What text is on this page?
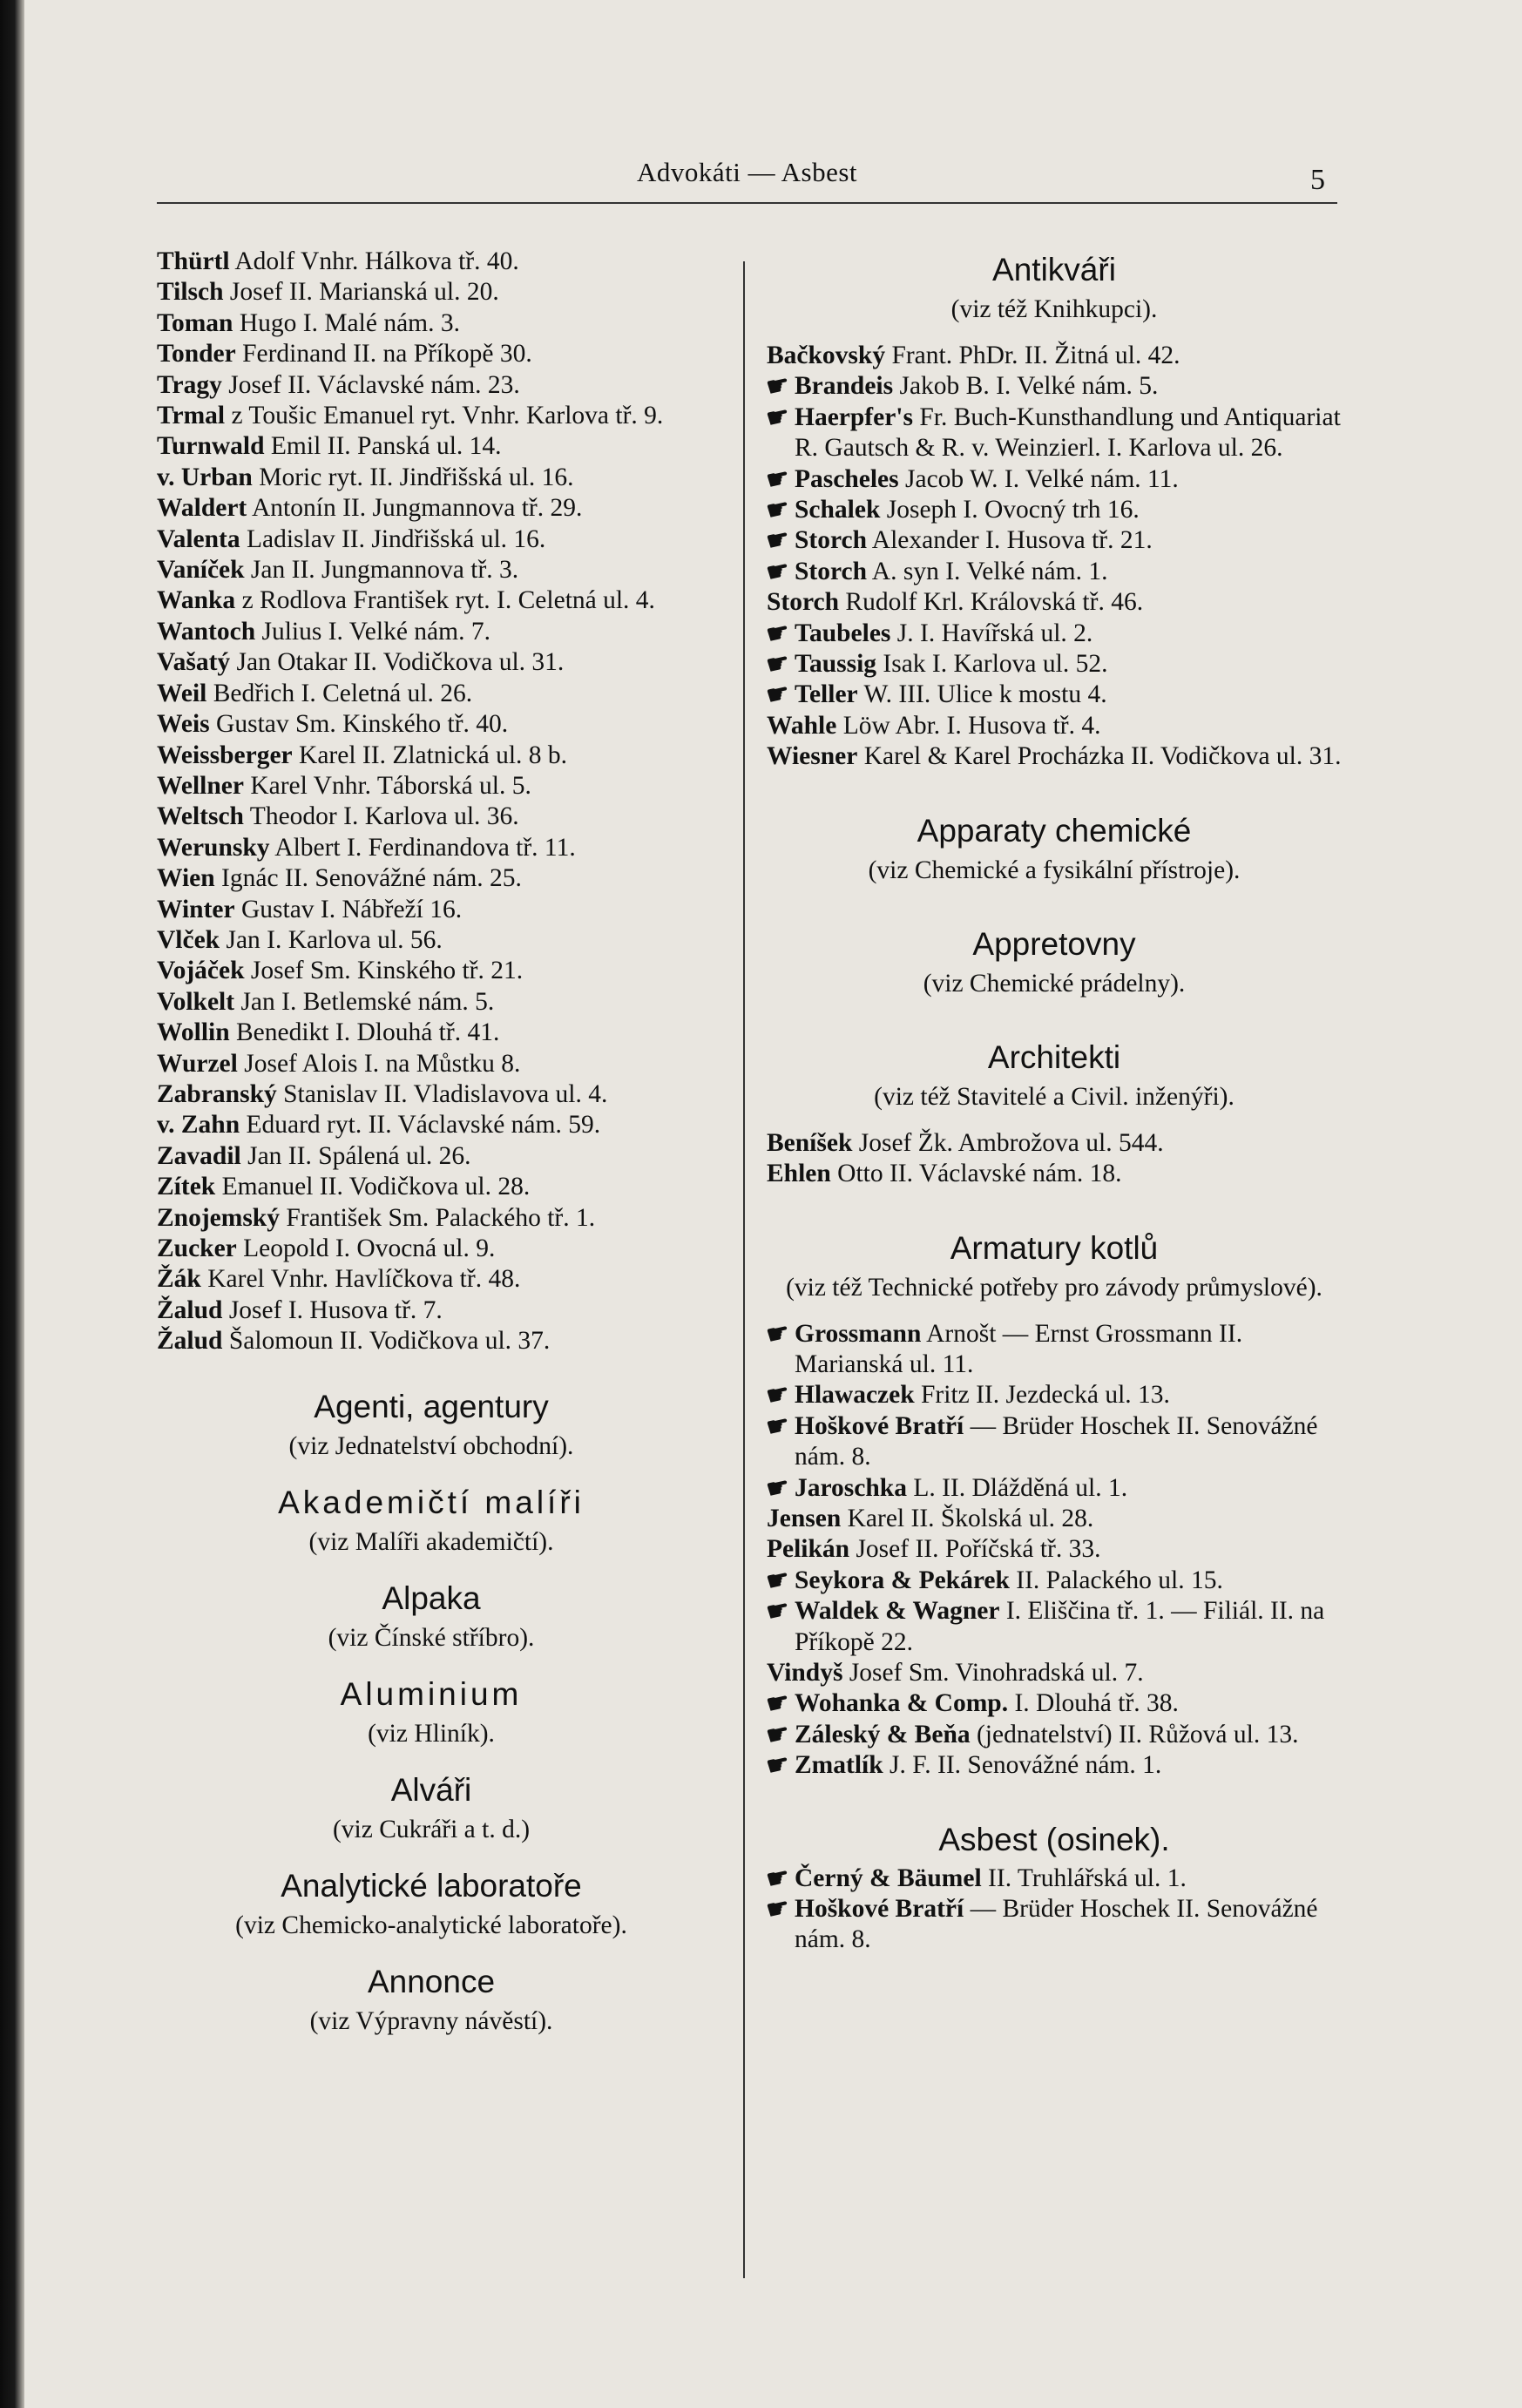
Advokáti — Asbest	5
Thürtl Adolf Vnhr. Hálkova tř. 40.
Tilsch Josef II. Marianská ul. 20.
Toman Hugo I. Malé nám. 3.
Tonder Ferdinand II. na Příkopě 30.
Tragy Josef II. Václavské nám. 23.
Trmal z Toušic Emanuel ryt. Vnhr. Karlova tř. 9.
Turnwald Emil II. Panská ul. 14.
v. Urban Moric ryt. II. Jindřišská ul. 16.
Waldert Antonín II. Jungmannova tř. 29.
Valenta Ladislav II. Jindřišská ul. 16.
Vaníček Jan II. Jungmannova tř. 3.
Wanka z Rodlova František ryt. I. Celetná ul. 4.
Wantoch Julius I. Velké nám. 7.
Vašatý Jan Otakar II. Vodičkova ul. 31.
Weil Bedřich I. Celetná ul. 26.
Weis Gustav Sm. Kinského tř. 40.
Weissberger Karel II. Zlatnická ul. 8 b.
Wellner Karel Vnhr. Táborská ul. 5.
Weltsch Theodor I. Karlova ul. 36.
Werunsky Albert I. Ferdinandova tř. 11.
Wien Ignác II. Senovážné nám. 25.
Winter Gustav I. Nábřeží 16.
Vlček Jan I. Karlova ul. 56.
Vojáček Josef Sm. Kinského tř. 21.
Volkelt Jan I. Betlemské nám. 5.
Wollin Benedikt I. Dlouhá tř. 41.
Wurzel Josef Alois I. na Můstku 8.
Zabranský Stanislav II. Vladislavova ul. 4.
v. Zahn Eduard ryt. II. Václavské nám. 59.
Zavadil Jan II. Spálená ul. 26.
Zítek Emanuel II. Vodičkova ul. 28.
Znojemský František Sm. Palackého tř. 1.
Zucker Leopold I. Ovocná ul. 9.
Žák Karel Vnhr. Havlíčkova tř. 48.
Žalud Josef I. Husova tř. 7.
Žalud Šalomoun II. Vodičkova ul. 37.
Agenti, agentury
(viz Jednatelství obchodní).
Akademičtí malíři
(viz Malíři akademičtí).
Alpaka
(viz Čínské stříbro).
Aluminium
(viz Hliník).
Alváři
(viz Cukráři a t. d.)
Analytické laboratoře
(viz Chemicko-analytické laboratoře).
Annonce
(viz Výpravny návěstí).
Antikváři
(viz též Knihkupci).
Bačkovský Frant. PhDr. II. Žitná ul. 42.
☛Brandeis Jakob B. I. Velké nám. 5.
☛Haerpfer's Fr. Buch-Kunsthandlung und Antiquariat R. Gautsch & R. v. Weinzierl. I. Karlova ul. 26.
☛Pascheles Jacob W. I. Velké nám. 11.
☛Schalek Joseph I. Ovocný trh 16.
☛Storch Alexander I. Husova tř. 21.
☛Storch A. syn I. Velké nám. 1.
Storch Rudolf Krl. Královská tř. 46.
☛Taubeles J. I. Havířská ul. 2.
☛Taussig Isak I. Karlova ul. 52.
☛Teller W. III. Ulice k mostu 4.
Wahle Löw Abr. I. Husova tř. 4.
Wiesner Karel & Karel Procházka II. Vodičkova ul. 31.
Apparaty chemické
(viz Chemické a fysikální přístroje).
Appretovny
(viz Chemické prádelny).
Architekti
(viz též Stavitelé a Civil. inženýři).
Beníšek Josef Žk. Ambrožova ul. 544.
Ehlen Otto II. Václavské nám. 18.
Armatury kotlů
(viz též Technické potřeby pro závody průmyslové).
☛Grossmann Arnošt — Ernst Grossmann II. Marianská ul. 11.
☛Hlawaczek Fritz II. Jezdecká ul. 13.
☛Hoškové Bratří — Brüder Hoschek II. Senovážné nám. 8.
☛Jaroschka L. II. Dlážděná ul. 1.
Jensen Karel II. Školská ul. 28.
Pelikán Josef II. Poříčská tř. 33.
☛Seykora & Pekárek II. Palackého ul. 15.
☛Waldek & Wagner I. Eliščina tř. 1. — Filiál. II. na Příkopě 22.
Vindyš Josef Sm. Vinohradská ul. 7.
☛Wohanka & Comp. I. Dlouhá tř. 38.
☛Záleský & Beňa (jednatelství) II. Růžová ul. 13.
☛Zmatlík J. F. II. Senovážné nám. 1.
Asbest (osinek).
☛Černý & Bäumel II. Truhlářská ul. 1.
☛Hoškové Bratří — Brüder Hoschek II. Senovážné nám. 8.
